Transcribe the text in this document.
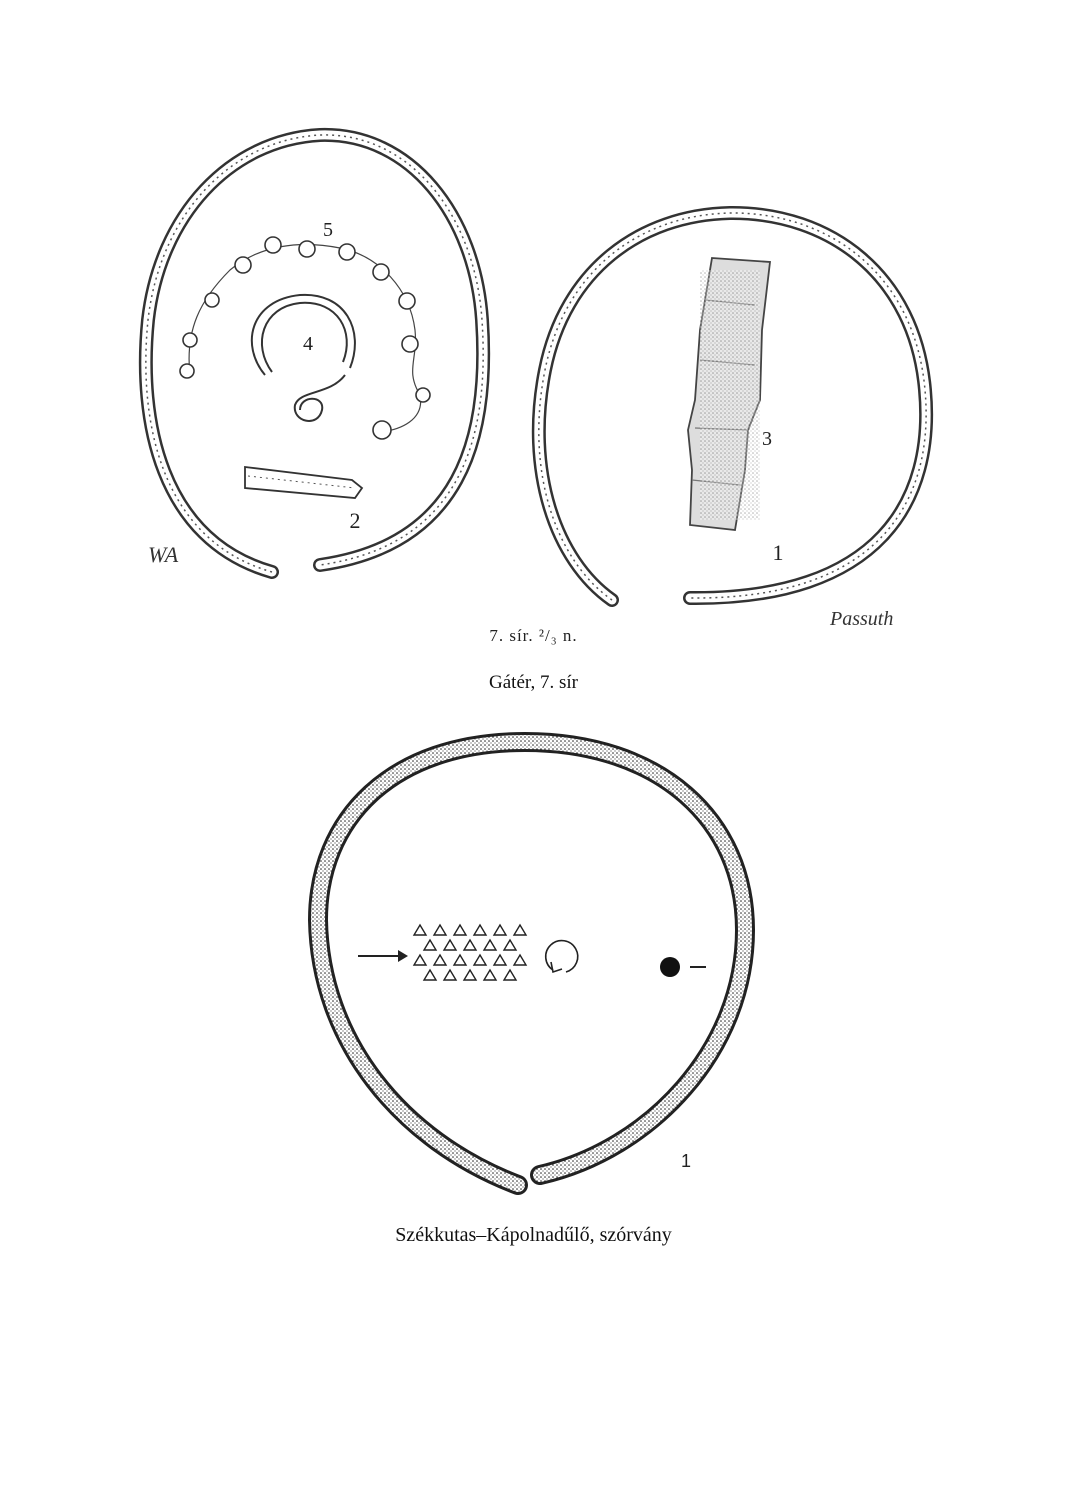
5
4
2
3
1
WA
Passuth
1
7. sír. ²/₃ n.
Gátér, 7. sír
Székkutas–Kápolnadűlő, szórvány
